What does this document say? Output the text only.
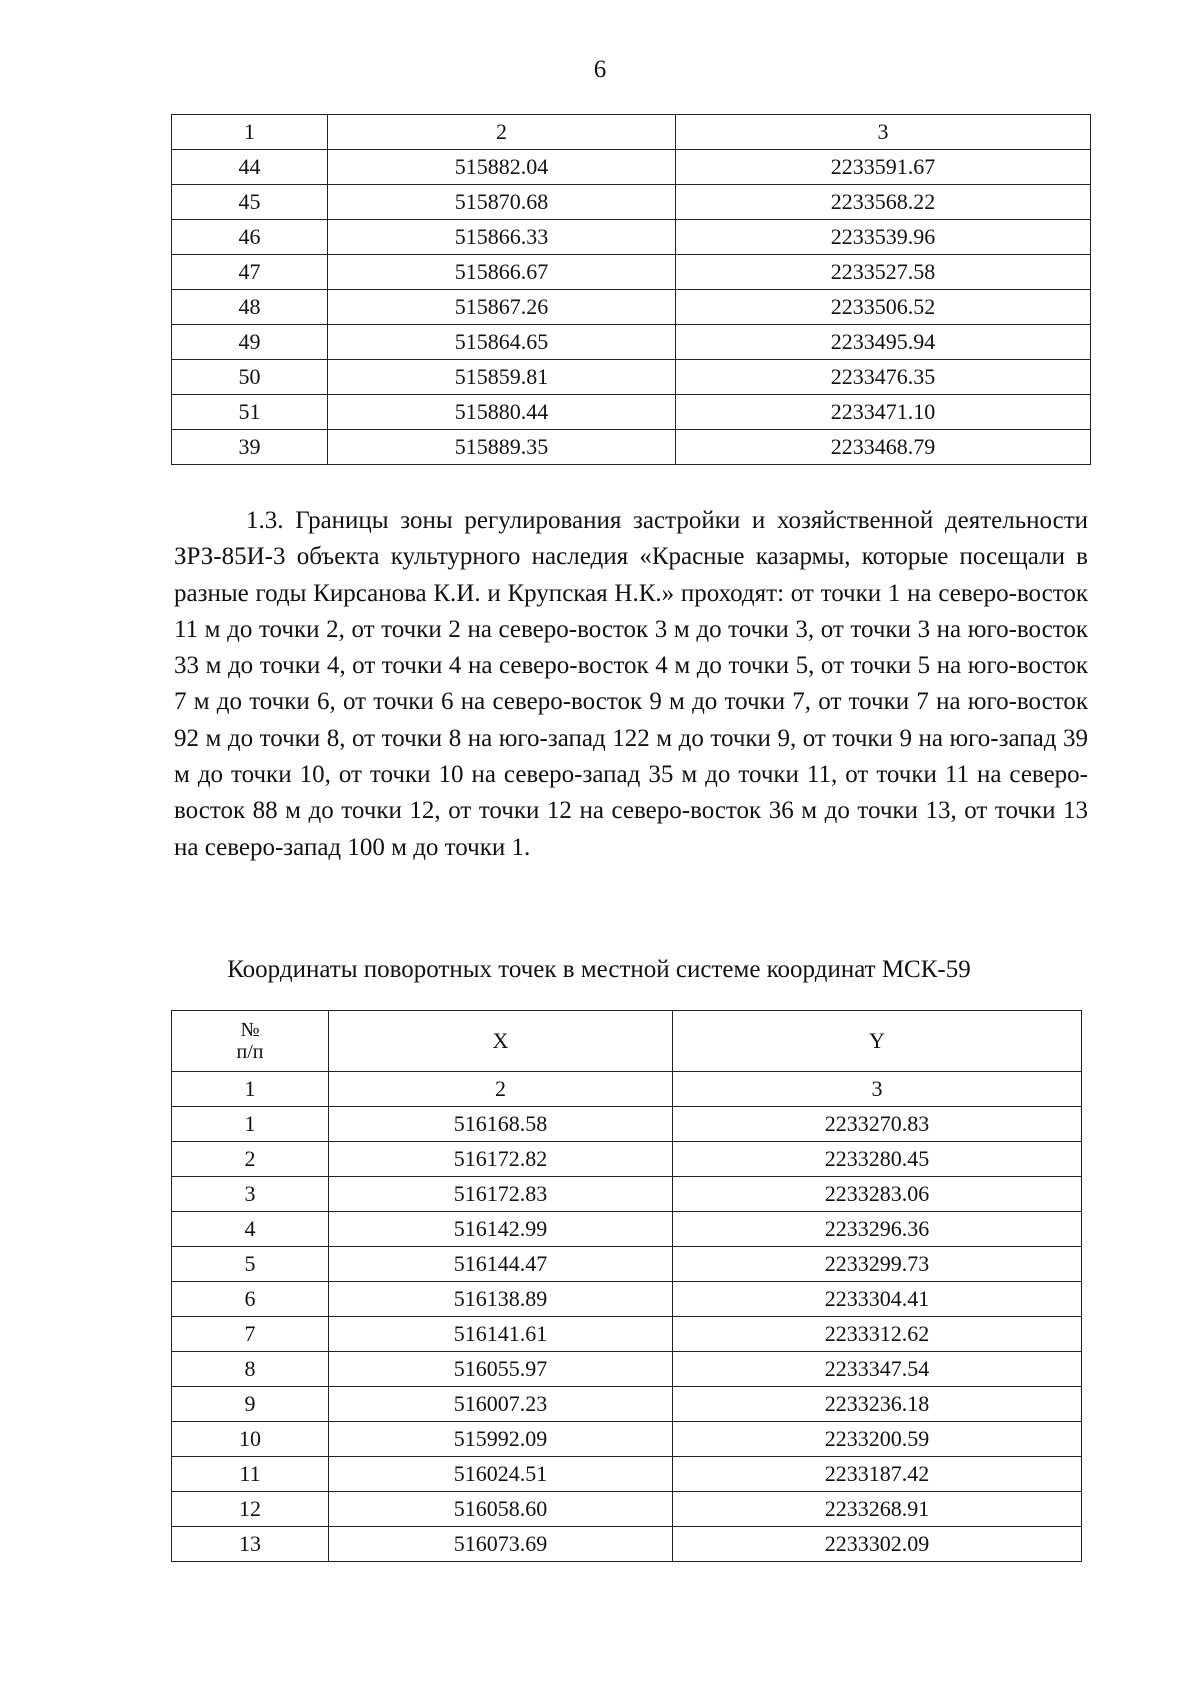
6
1	2	3
44	515882.04	2233591.67
45	515870.68	2233568.22
46	515866.33	2233539.96
47	515866.67	2233527.58
48	515867.26	2233506.52
49	515864.65	2233495.94
50	515859.81	2233476.35
51	515880.44	2233471.10
39	515889.35	2233468.79

1.3. Границы зоны регулирования застройки и хозяйственной деятельности ЗРЗ-85И-3 объекта культурного наследия «Красные казармы, которые посещали в разные годы Кирсанова К.И. и Крупская Н.К.» проходят: от точки 1 на северо-восток 11 м до точки 2, от точки 2 на северо-восток 3 м до точки 3, от точки 3 на юго-восток 33 м до точки 4, от точки 4 на северо-восток 4 м до точки 5, от точки 5 на юго-восток 7 м до точки 6, от точки 6 на северо-восток 9 м до точки 7, от точки 7 на юго-восток 92 м до точки 8, от точки 8 на юго-запад 122 м до точки 9, от точки 9 на юго-запад 39 м до точки 10, от точки 10 на северо-запад 35 м до точки 11, от точки 11 на северо-восток 88 м до точки 12, от точки 12 на северо-восток 36 м до точки 13, от точки 13 на северо-запад 100 м до точки 1.

Координаты поворотных точек в местной системе координат МСК-59
№
п/п	X	Y
1	2	3
1	516168.58	2233270.83
2	516172.82	2233280.45
3	516172.83	2233283.06
4	516142.99	2233296.36
5	516144.47	2233299.73
6	516138.89	2233304.41
7	516141.61	2233312.62
8	516055.97	2233347.54
9	516007.23	2233236.18
10	515992.09	2233200.59
11	516024.51	2233187.42
12	516058.60	2233268.91
13	516073.69	2233302.09
